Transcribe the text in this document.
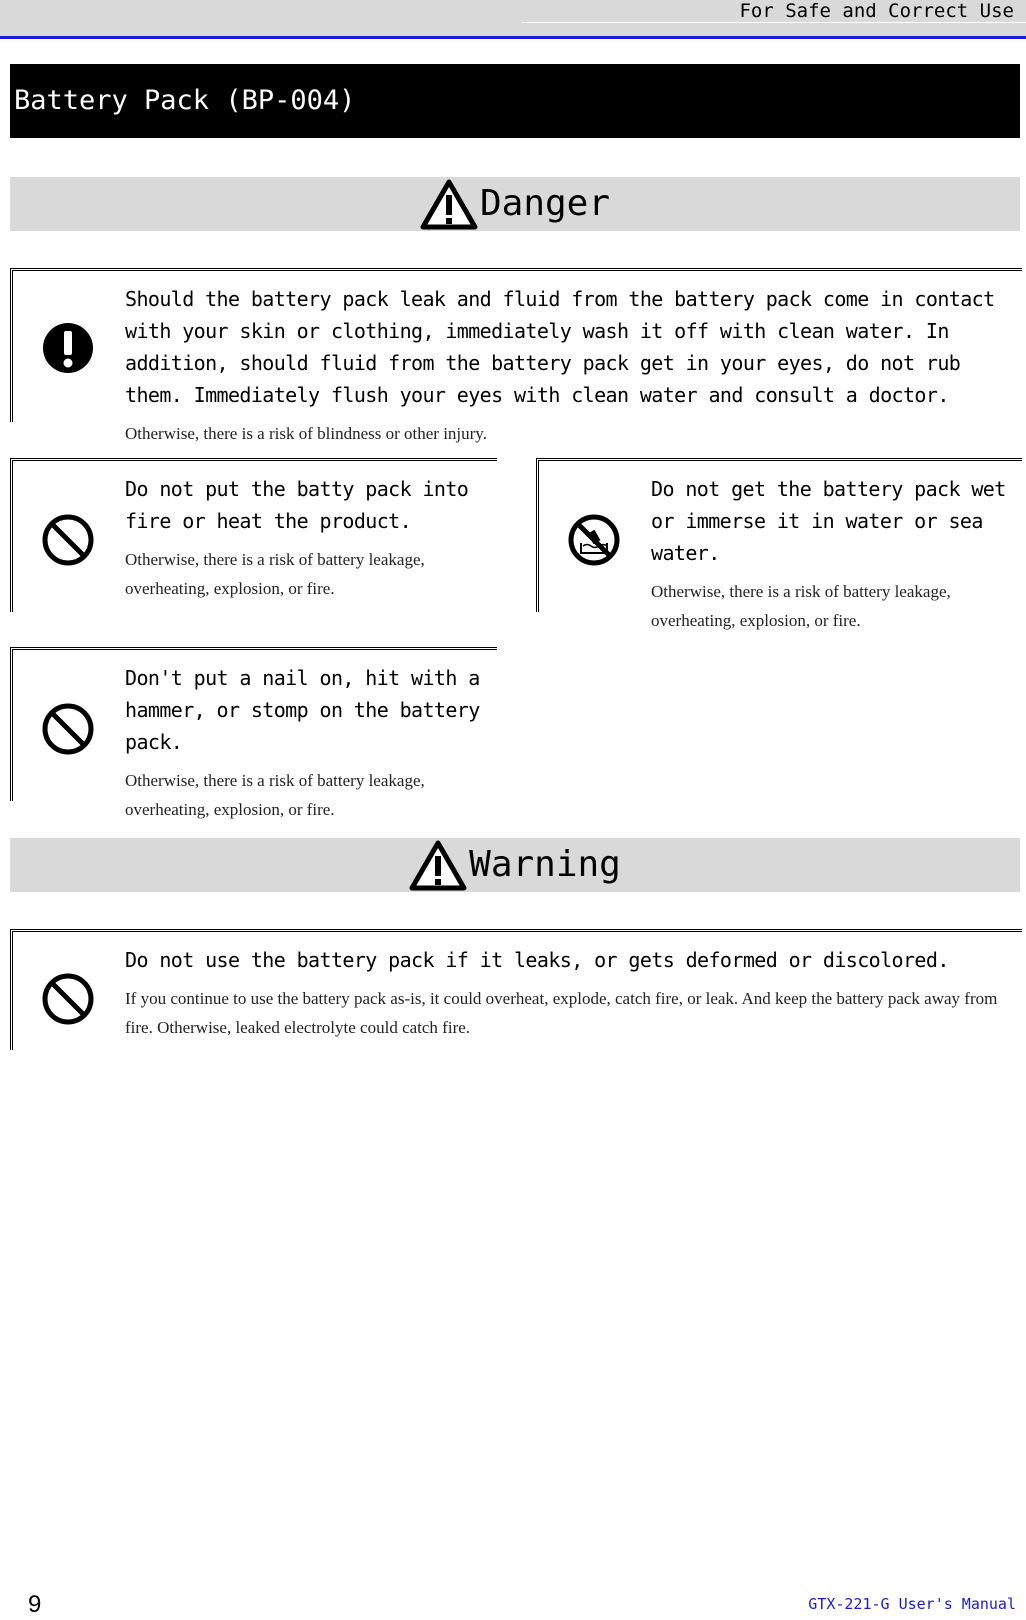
For Safe and Correct Use
Battery Pack (BP-004)
Danger

Should the battery pack leak and fluid from the battery pack come in contact with your skin or clothing, immediately wash it off with clean water. In addition, should fluid from the battery pack get in your eyes, do not rub them. Immediately flush your eyes with clean water and consult a doctor.

Otherwise, there is a risk of blindness or other injury.

Do not put the batty pack into fire or heat the product.

Otherwise, there is a risk of battery leakage, overheating, explosion, or fire.

Do not get the battery pack wet or immerse it in water or sea water.

Otherwise, there is a risk of battery leakage, overheating, explosion, or fire.

Don't put a nail on, hit with a hammer, or stomp on the battery pack.

Otherwise, there is a risk of battery leakage, overheating, explosion, or fire.

Warning

Do not use the battery pack if it leaks, or gets deformed or discolored.

If you continue to use the battery pack as-is, it could overheat, explode, catch fire, or leak. And keep the battery pack away from fire. Otherwise, leaked electrolyte could catch fire.

9	GTX-221-G User's Manual
